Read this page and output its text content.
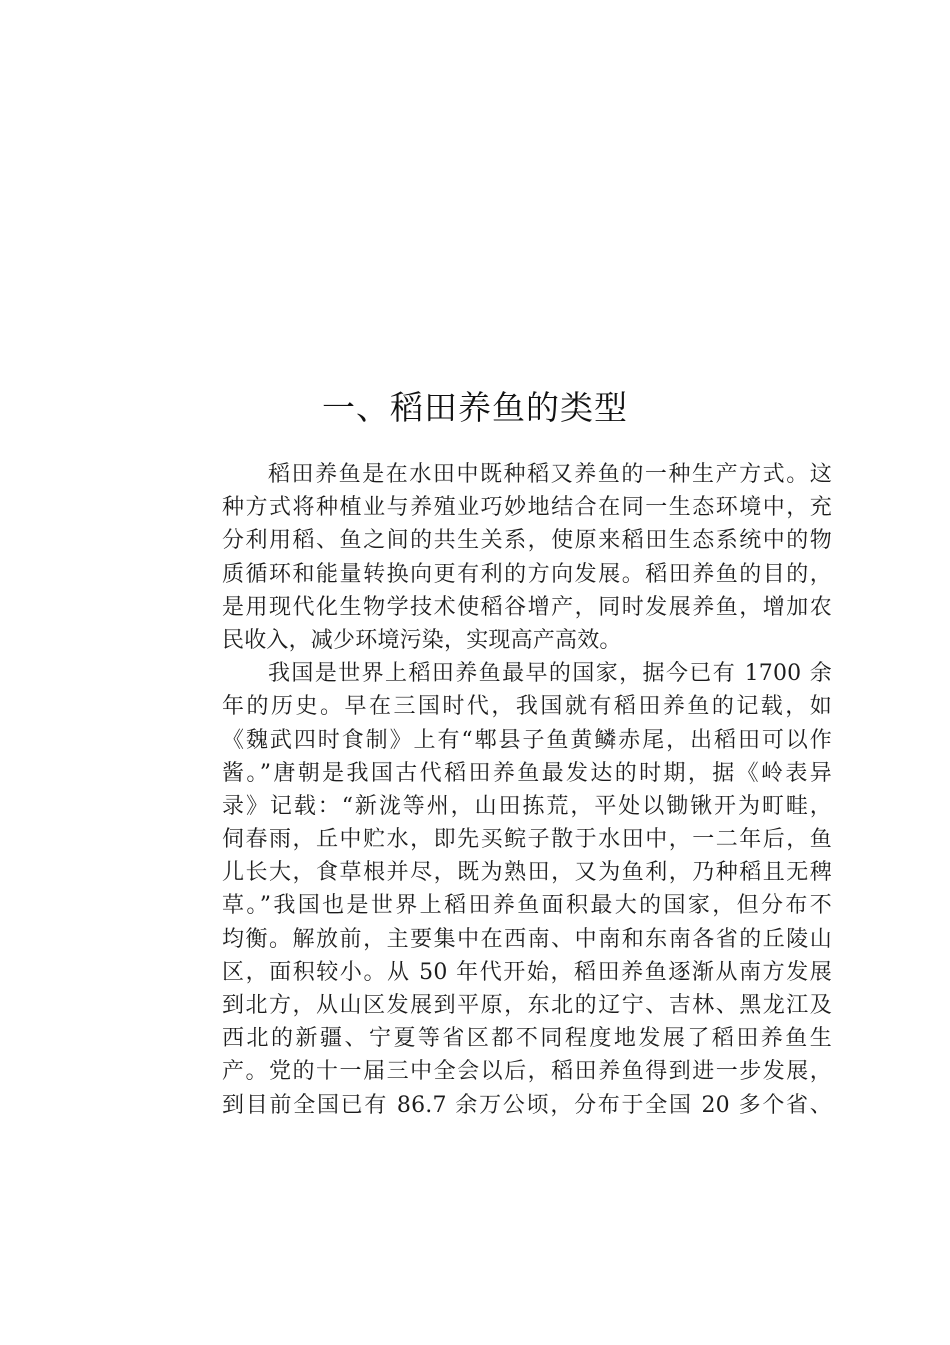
一、稻田养鱼的类型
稻田养鱼是在水田中既种稻又养鱼的一种生产方式。这
种方式将种植业与养殖业巧妙地结合在同一生态环境中，充
分利用稻、鱼之间的共生关系，使原来稻田生态系统中的物
质循环和能量转换向更有利的方向发展。稻田养鱼的目的，
是用现代化生物学技术使稻谷增产，同时发展养鱼，增加农
民收入，减少环境污染，实现高产高效。
我国是世界上稻田养鱼最早的国家，据今已有 1700 余
年的历史。早在三国时代，我国就有稻田养鱼的记载，如
《魏武四时食制》上有“郫县子鱼黄鳞赤尾，出稻田可以作
酱。”唐朝是我国古代稻田养鱼最发达的时期，据《岭表异
录》记载：“新泷等州，山田拣荒，平处以锄锹开为町畦，
伺春雨，丘中贮水，即先买鲩子散于水田中，一二年后，鱼
儿长大，食草根并尽，既为熟田，又为鱼利，乃种稻且无稗
草。”我国也是世界上稻田养鱼面积最大的国家，但分布不
均衡。解放前，主要集中在西南、中南和东南各省的丘陵山
区，面积较小。从 50 年代开始，稻田养鱼逐渐从南方发展
到北方，从山区发展到平原，东北的辽宁、吉林、黑龙江及
西北的新疆、宁夏等省区都不同程度地发展了稻田养鱼生
产。党的十一届三中全会以后，稻田养鱼得到进一步发展，
到目前全国已有 86.7 余万公顷，分布于全国 20 多个省、
